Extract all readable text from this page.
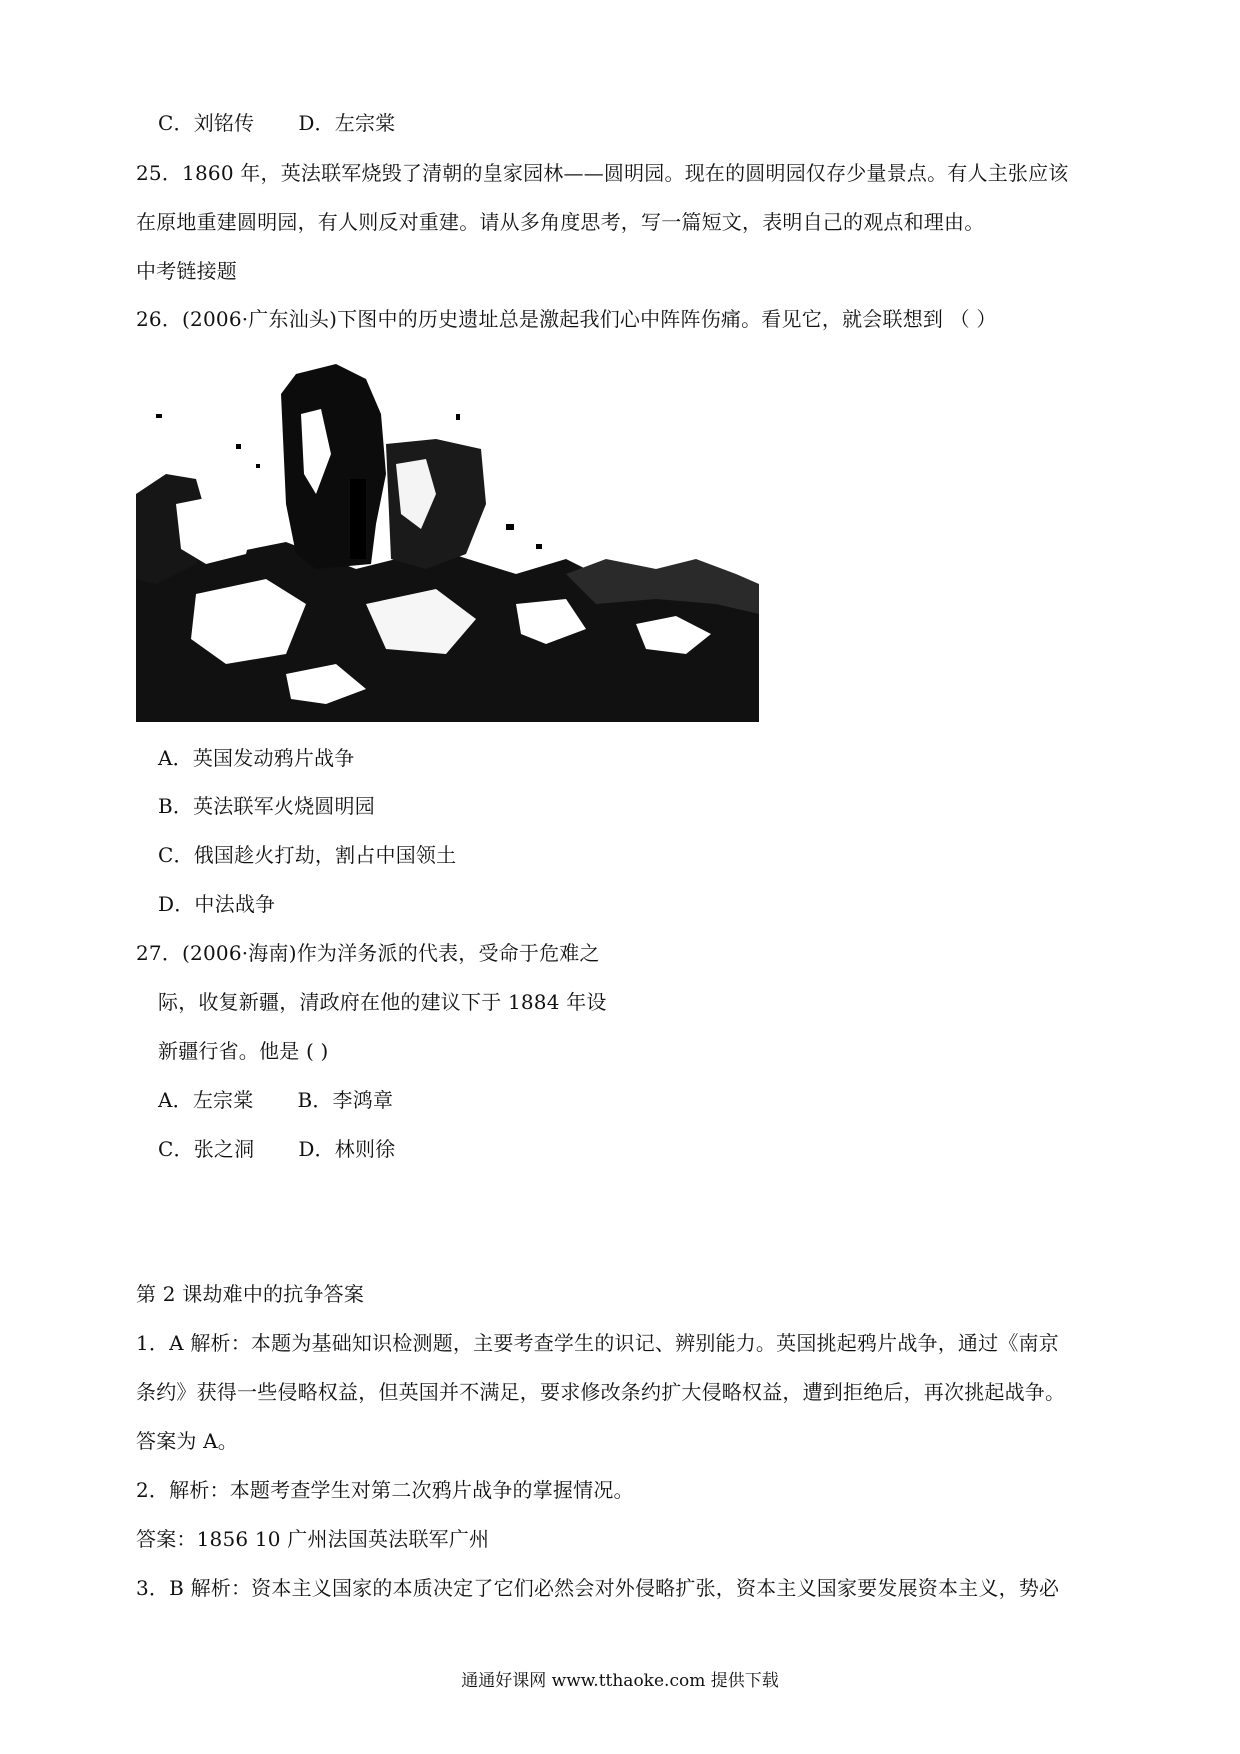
C．刘铭传 D．左宗棠
25．1860 年，英法联军烧毁了清朝的皇家园林——圆明园。现在的圆明园仅存少量景点。有人主张应该
在原地重建圆明园，有人则反对重建。请从多角度思考，写一篇短文，表明自己的观点和理由。
中考链接题
26．(2006·广东汕头)下图中的历史遗址总是激起我们心中阵阵伤痛。看见它，就会联想到 （ ）
A．英国发动鸦片战争
B．英法联军火烧圆明园
C．俄国趁火打劫，割占中国领土
D．中法战争
27．(2006·海南)作为洋务派的代表，受命于危难之
际，收复新疆，清政府在他的建议下于 1884 年设
新疆行省。他是 ( )
A．左宗棠 B．李鸿章
C．张之洞 D．林则徐
第 2 课劫难中的抗争答案
1．A 解析：本题为基础知识检测题，主要考查学生的识记、辨别能力。英国挑起鸦片战争，通过《南京
条约》获得一些侵略权益，但英国并不满足，要求修改条约扩大侵略权益，遭到拒绝后，再次挑起战争。
答案为 A。
2．解析：本题考查学生对第二次鸦片战争的掌握情况。
答案：1856 10 广州法国英法联军广州
3．B 解析：资本主义国家的本质决定了它们必然会对外侵略扩张，资本主义国家要发展资本主义，势必
通通好课网 www.tthaoke.com 提供下载
